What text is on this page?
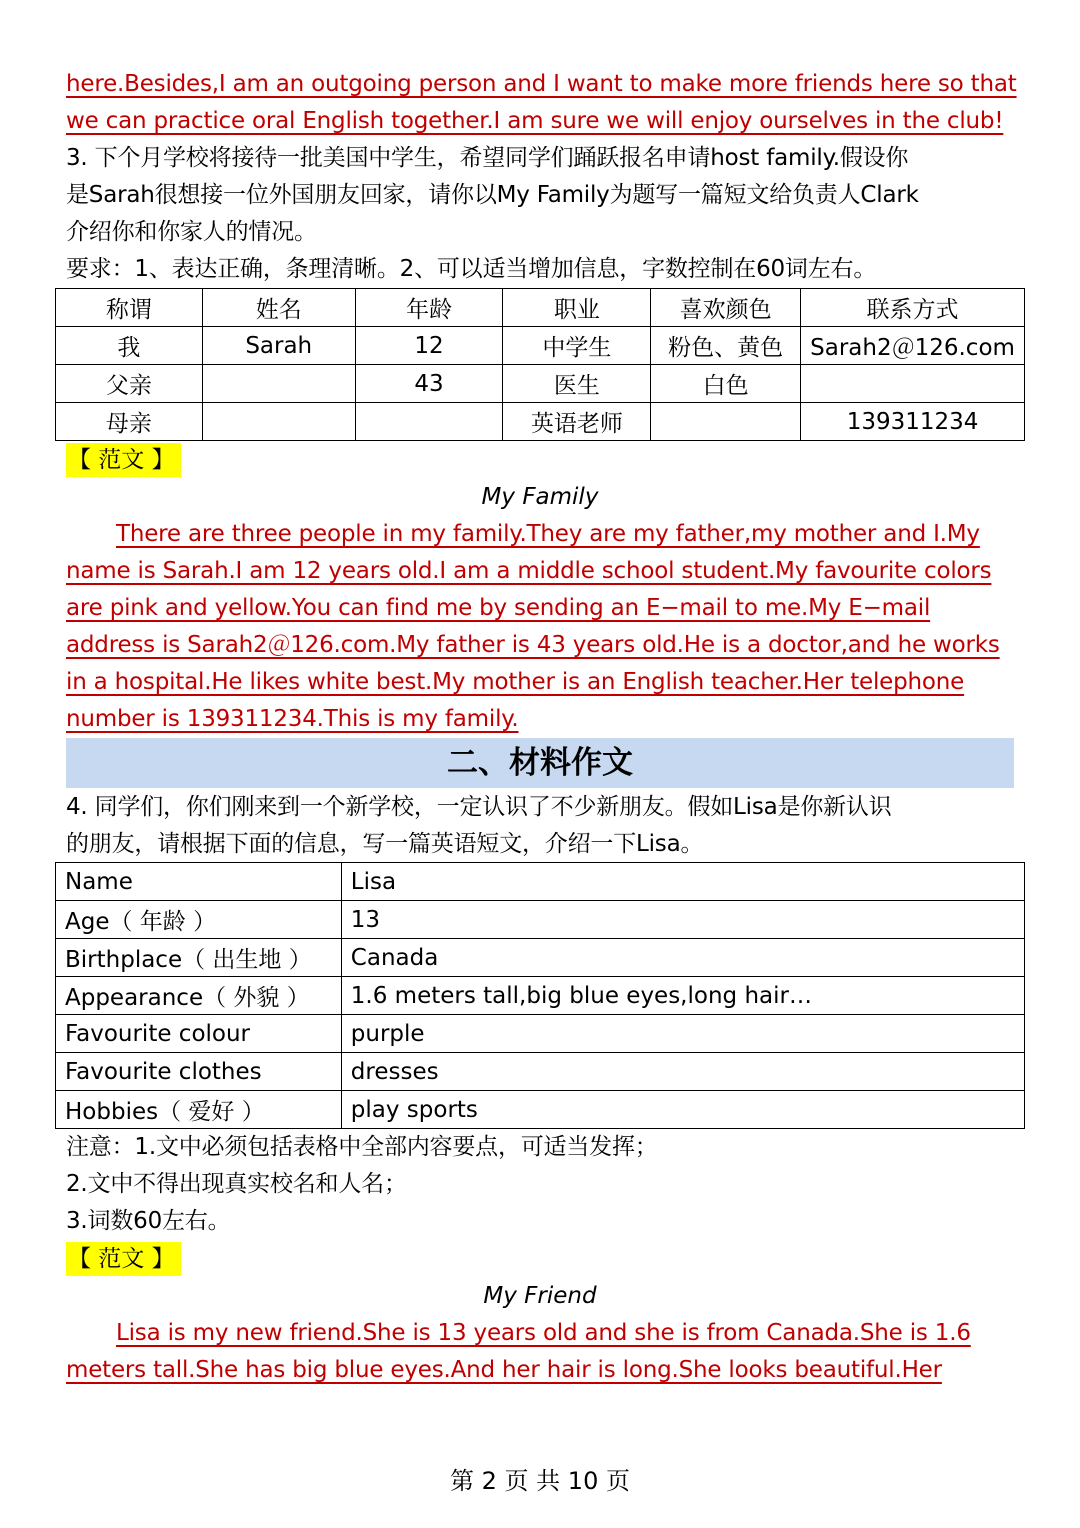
here.Besides,I am an outgoing person and I want to make more friends here so that
we can practice oral English together.I am sure we will enjoy ourselves in the club!
3. 下个月学校将接待一批美国中学生，希望同学们踊跃报名申请host family.假设你
是Sarah很想接一位外国朋友回家，请你以My Family为题写一篇短文给负责人Clark
介绍你和你家人的情况。
要求：1、表达正确，条理清晰。2、可以适当增加信息，字数控制在60词左右。
称谓	姓名	年龄	职业	喜欢颜色	联系方式
我	Sarah	12	中学生	粉色、黄色	Sarah2＠126.com
父亲		43	医生	白色	
母亲			英语老师		139311234
【 范文 】
My Family
There are three people in my family.They are my father,my mother and I.My
name is Sarah.I am 12 years old.I am a middle school student.My favourite colors
are pink and yellow.You can find me by sending an E−mail to me.My E−mail
address is Sarah2＠126.com.My father is 43 years old.He is a doctor,and he works
in a hospital.He likes white best.My mother is an English teacher.Her telephone
number is 139311234.This is my family.
二、材料作文
4. 同学们，你们刚来到一个新学校，一定认识了不少新朋友。假如Lisa是你新认识
的朋友，请根据下面的信息，写一篇英语短文，介绍一下Lisa。
Name	Lisa
Age（ 年龄 ）	13
Birthplace（ 出生地 ）	Canada
Appearance（ 外貌 ）	1.6 meters tall,big blue eyes,long hair…
Favourite colour	purple
Favourite clothes	dresses
Hobbies（ 爱好 ）	play sports
注意：1.文中必须包括表格中全部内容要点，可适当发挥；
2.文中不得出现真实校名和人名；
3.词数60左右。
【 范文 】
My Friend
Lisa is my new friend.She is 13 years old and she is from Canada.She is 1.6
meters tall.She has big blue eyes.And her hair is long.She looks beautiful.Her
第 2 页 共 10 页
